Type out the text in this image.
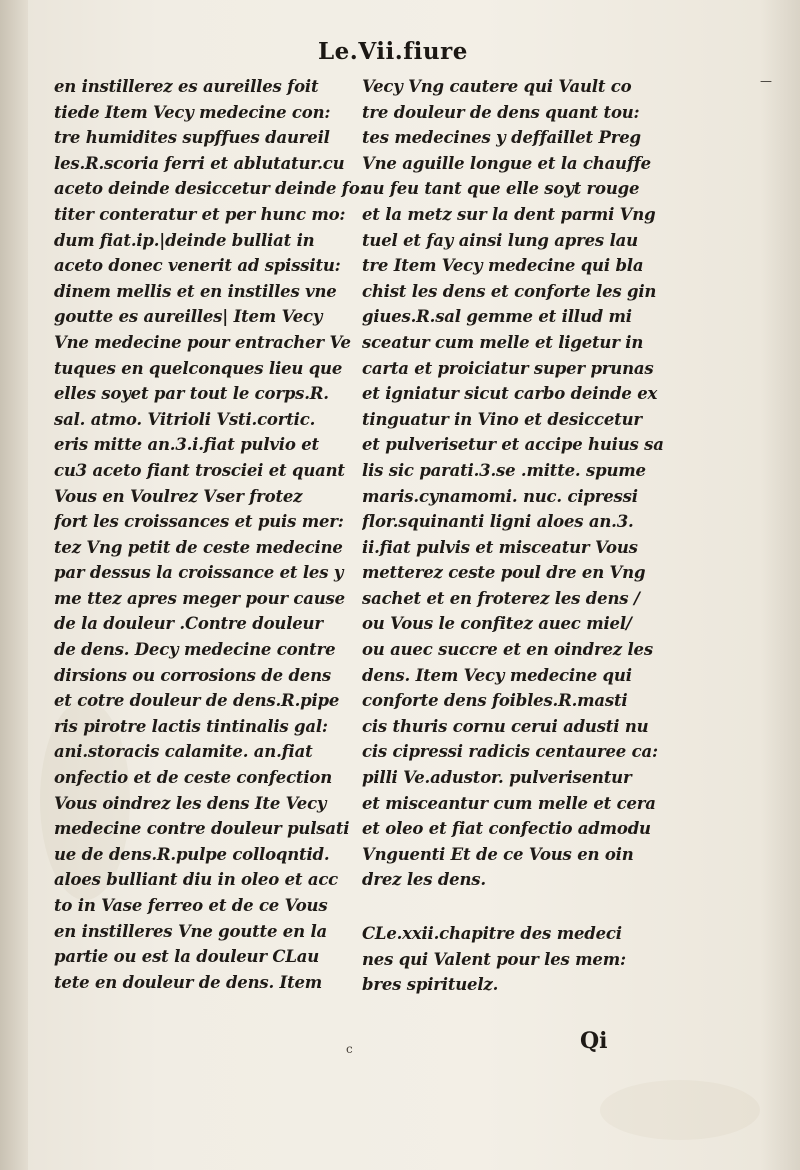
Le.Vii.fiure
en instillerez es aureilles foit
tiede Item Vecy medecine con:
tre humidites supffues daureil
les.R.scoria ferri et ablutatur.cu
aceto deinde desiccetur deinde fo:
titer conteratur et per hunc mo:
dum fiat.ip.|deinde bulliat in
aceto donec venerit ad spissitu:
dinem mellis et en instilles vne
goutte es aureilles| Item Vecy
Vne medecine pour entracher Ve
tuques en quelconques lieu que
elles soyet par tout le corps.R.
sal. atmo. Vitrioli Vsti.cortic.
eris mitte an.3.i.fiat pulvio et
cu3 aceto fiant trosciei et quant
Vous en Voulrez Vser frotez
fort les croissances et puis mer:
tez Vng petit de ceste medecine
par dessus la croissance et les y
me ttez apres meger pour cause
de la douleur .Contre douleur
de dens. Decy medecine contre
dirsions ou corrosions de dens
et cotre douleur de dens.R.pipe
ris pirotre lactis tintinalis gal:
ani.storacis calamite. an.fiat
onfectio et de ceste confection
Vous oindrez les dens Ite Vecy
medecine contre douleur pulsati
ue de dens.R.pulpe colloqntid.
aloes bulliant diu in oleo et acc
to in Vase ferreo et de ce Vous
en instilleres Vne goutte en la
partie ou est la douleur CLau
tete en douleur de dens. Item
Vecy Vng cautere qui Vault co
tre douleur de dens quant tou:
tes medecines y deffaillet Preg
Vne aguille longue et la chauffe
au feu tant que elle soyt rouge
et la metz sur la dent parmi Vng
tuel et fay ainsi lung apres lau
tre Item Vecy medecine qui bla
chist les dens et conforte les gin
giues.R.sal gemme et illud mi
sceatur cum melle et ligetur in
carta et proiciatur super prunas
et igniatur sicut carbo deinde ex
tinguatur in Vino et desiccetur
et pulverisetur et accipe huius sa
lis sic parati.3.se .mitte. spume
maris.cynamomi. nuc. cipressi
flor.squinanti ligni aloes an.3.
ii.fiat pulvis et misceatur Vous
metterez ceste poul dre en Vng
sachet et en froterez les dens /
ou Vous le confitez auec miel/
ou auec succre et en oindrez les
dens. Item Vecy medecine qui
conforte dens foibles.R.masti
cis thuris cornu cerui adusti nu
cis cipressi radicis centauree ca:
pilli Ve.adustor. pulverisentur
et misceantur cum melle et cera
et oleo et fiat confectio admodu
Vnguenti Et de ce Vous en oin
drez les dens.
CLe.xxii.chapitre des medeci
nes qui Valent pour les mem:
bres spirituelz.
c	Qi
—
